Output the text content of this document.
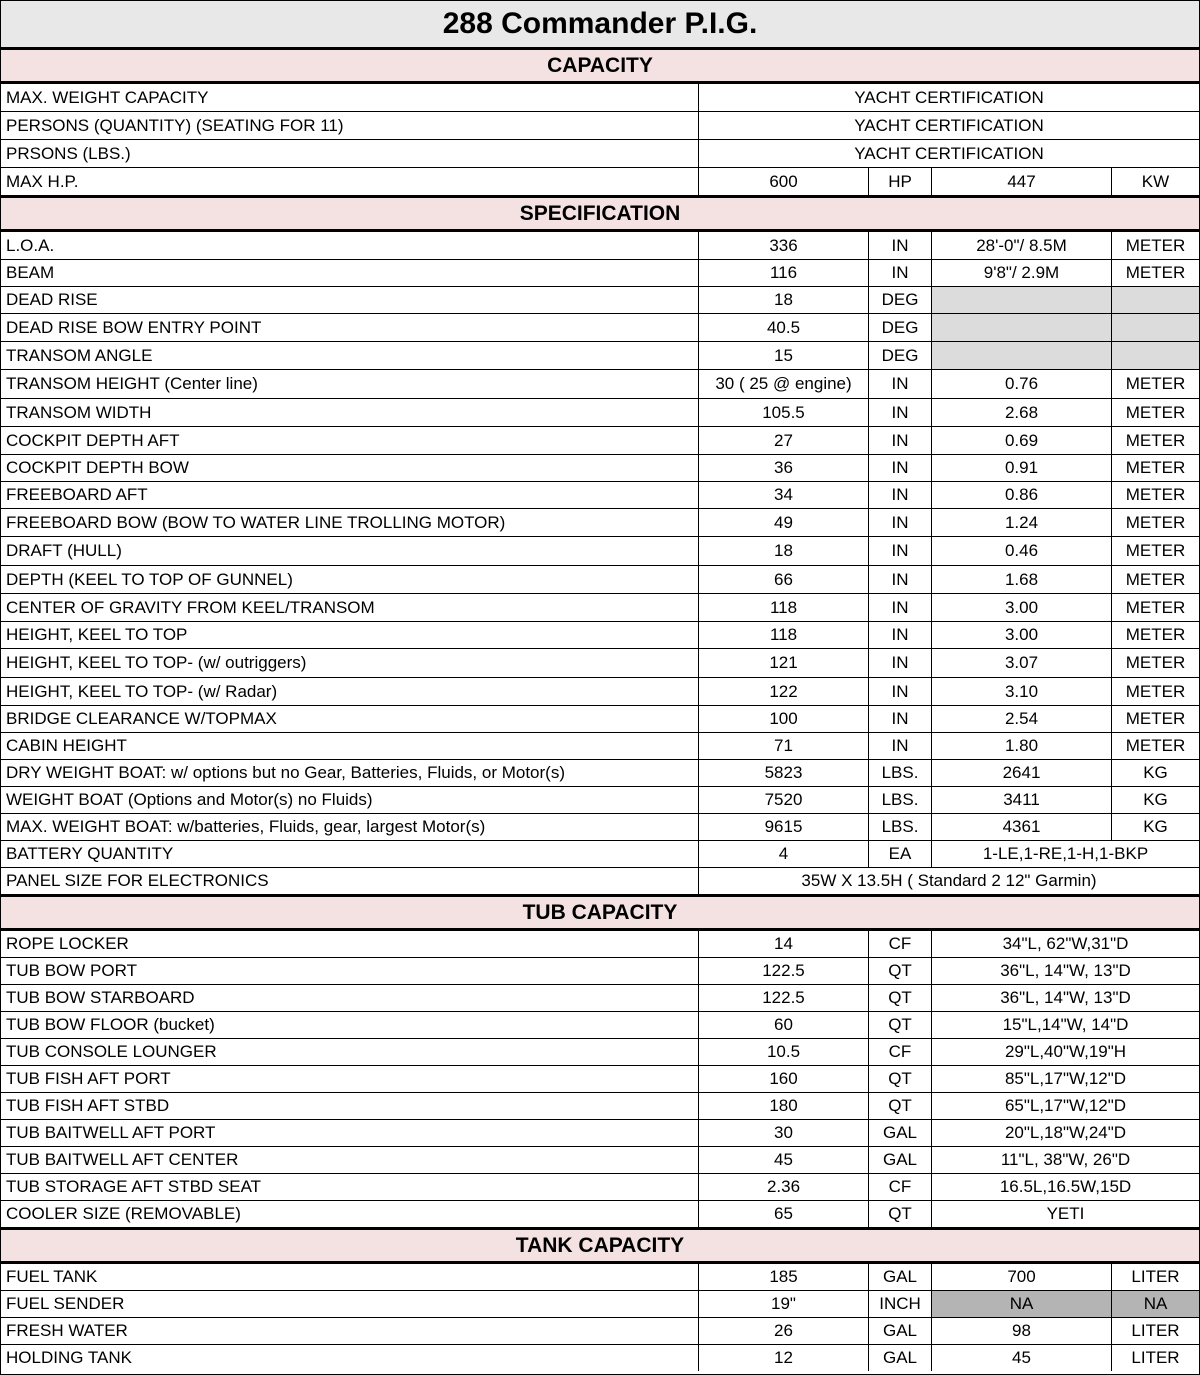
288 Commander P.I.G.
CAPACITY
MAX. WEIGHT CAPACITY	YACHT CERTIFICATION
PERSONS (QUANTITY) (SEATING FOR 11)	YACHT CERTIFICATION
PRSONS (LBS.)	YACHT CERTIFICATION
MAX H.P.	600	HP	447	KW
SPECIFICATION
L.O.A.	336	IN	28'-0"/ 8.5M	METER
BEAM	116	IN	9'8"/ 2.9M	METER
DEAD RISE	18	DEG
DEAD RISE BOW ENTRY POINT	40.5	DEG
TRANSOM ANGLE	15	DEG
TRANSOM HEIGHT (Center line)	30 ( 25 @ engine)	IN	0.76	METER
TRANSOM WIDTH	105.5	IN	2.68	METER
COCKPIT DEPTH AFT	27	IN	0.69	METER
COCKPIT DEPTH BOW	36	IN	0.91	METER
FREEBOARD AFT	34	IN	0.86	METER
FREEBOARD BOW (BOW TO WATER LINE TROLLING MOTOR)	49	IN	1.24	METER
DRAFT (HULL)	18	IN	0.46	METER
DEPTH (KEEL TO TOP OF GUNNEL)	66	IN	1.68	METER
CENTER OF GRAVITY FROM KEEL/TRANSOM	118	IN	3.00	METER
HEIGHT, KEEL TO TOP	118	IN	3.00	METER
HEIGHT, KEEL TO TOP- (w/ outriggers)	121	IN	3.07	METER
HEIGHT, KEEL TO TOP- (w/ Radar)	122	IN	3.10	METER
BRIDGE CLEARANCE W/TOPMAX	100	IN	2.54	METER
CABIN HEIGHT	71	IN	1.80	METER
DRY WEIGHT BOAT: w/ options but no Gear, Batteries, Fluids, or Motor(s)	5823	LBS.	2641	KG
WEIGHT BOAT (Options and Motor(s) no Fluids)	7520	LBS.	3411	KG
MAX. WEIGHT BOAT: w/batteries, Fluids, gear, largest Motor(s)	9615	LBS.	4361	KG
BATTERY QUANTITY	4	EA	1-LE,1-RE,1-H,1-BKP
PANEL SIZE FOR ELECTRONICS	35W X 13.5H ( Standard 2 12" Garmin)
TUB CAPACITY
ROPE LOCKER	14	CF	34"L, 62"W,31"D
TUB BOW PORT	122.5	QT	36"L, 14"W, 13"D
TUB BOW STARBOARD	122.5	QT	36"L, 14"W, 13"D
TUB BOW FLOOR (bucket)	60	QT	15"L,14"W, 14"D
TUB CONSOLE LOUNGER	10.5	CF	29"L,40"W,19"H
TUB FISH AFT PORT	160	QT	85"L,17"W,12"D
TUB FISH AFT STBD	180	QT	65"L,17"W,12"D
TUB BAITWELL AFT PORT	30	GAL	20"L,18"W,24"D
TUB BAITWELL AFT CENTER	45	GAL	11"L, 38"W, 26"D
TUB STORAGE AFT STBD SEAT	2.36	CF	16.5L,16.5W,15D
COOLER SIZE (REMOVABLE)	65	QT	YETI
TANK CAPACITY
FUEL TANK	185	GAL	700	LITER
FUEL SENDER	19"	INCH	NA	NA
FRESH WATER	26	GAL	98	LITER
HOLDING TANK	12	GAL	45	LITER
